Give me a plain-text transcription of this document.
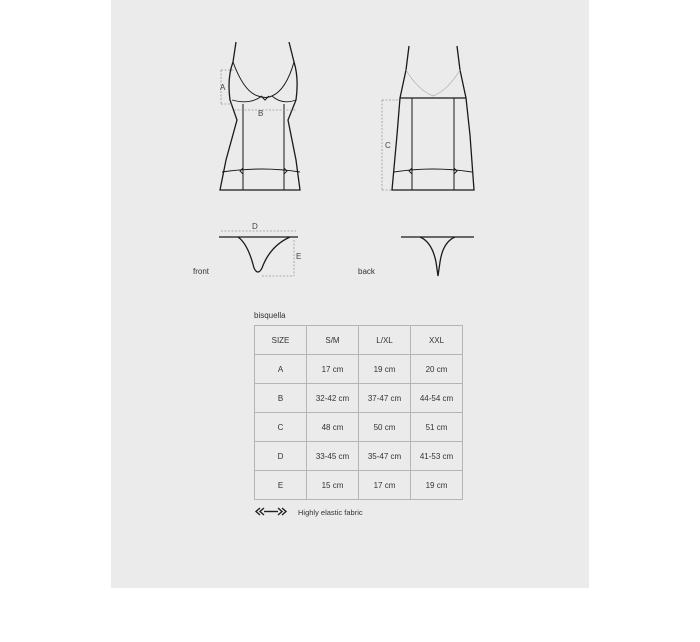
A
B
C
D
E
front	back
bisquella
SIZE	S/M	L/XL	XXL
A	17 cm	19 cm	20 cm
B	32-42 cm	37-47 cm	44-54 cm
C	48 cm	50 cm	51 cm
D	33-45 cm	35-47 cm	41-53 cm
E	15 cm	17 cm	19 cm
Highly elastic fabric
